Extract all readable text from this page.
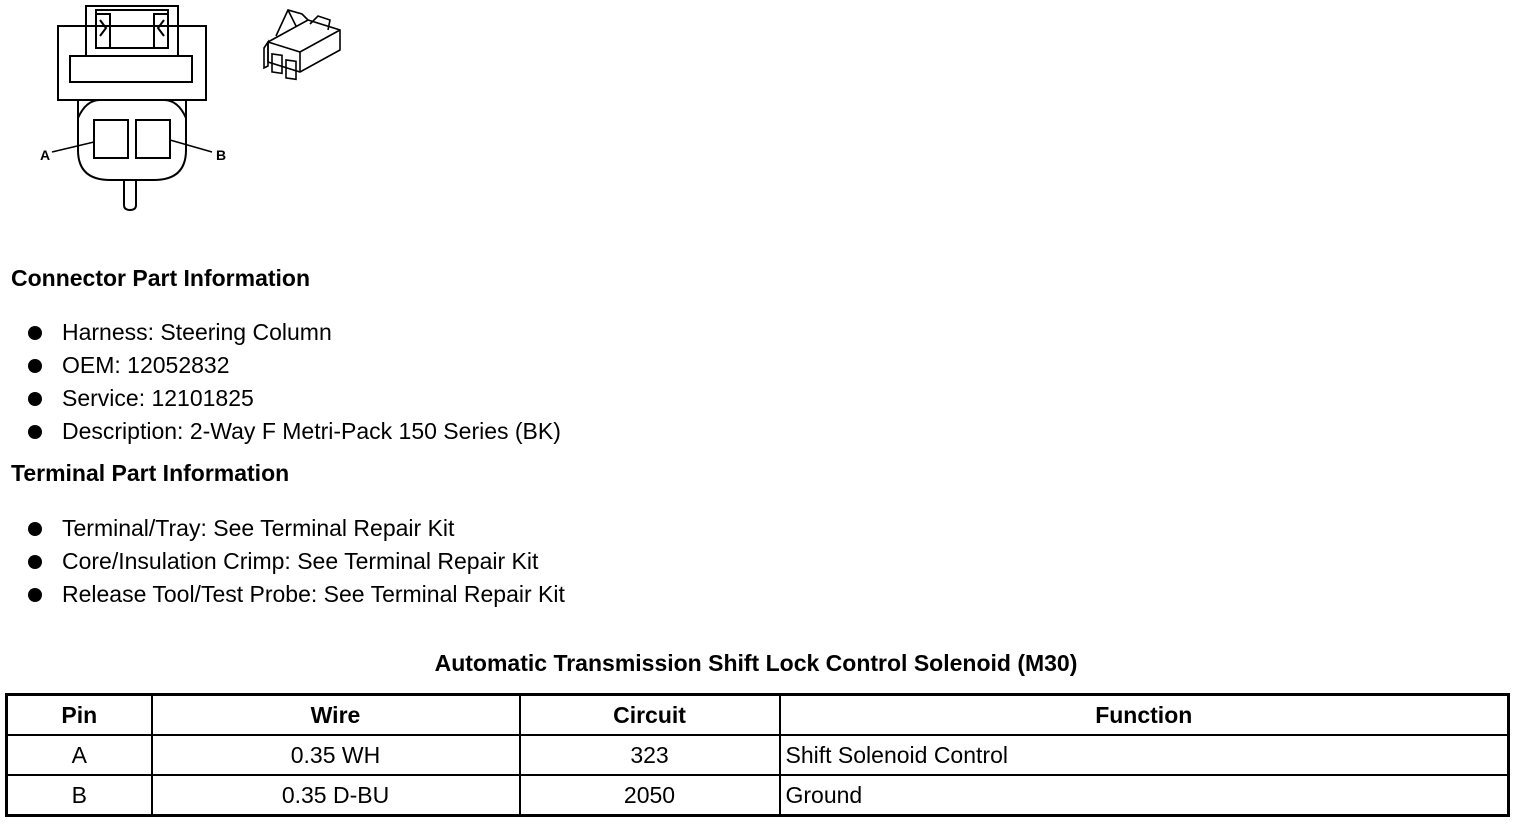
A	B
Connector Part Information
Harness: Steering Column
OEM: 12052832
Service: 12101825
Description: 2-Way F Metri-Pack 150 Series (BK)
Terminal Part Information
Terminal/Tray: See Terminal Repair Kit
Core/Insulation Crimp: See Terminal Repair Kit
Release Tool/Test Probe: See Terminal Repair Kit
Automatic Transmission Shift Lock Control Solenoid (M30)
Pin	Wire	Circuit	Function
A	0.35 WH	323	Shift Solenoid Control
B	0.35 D-BU	2050	Ground
